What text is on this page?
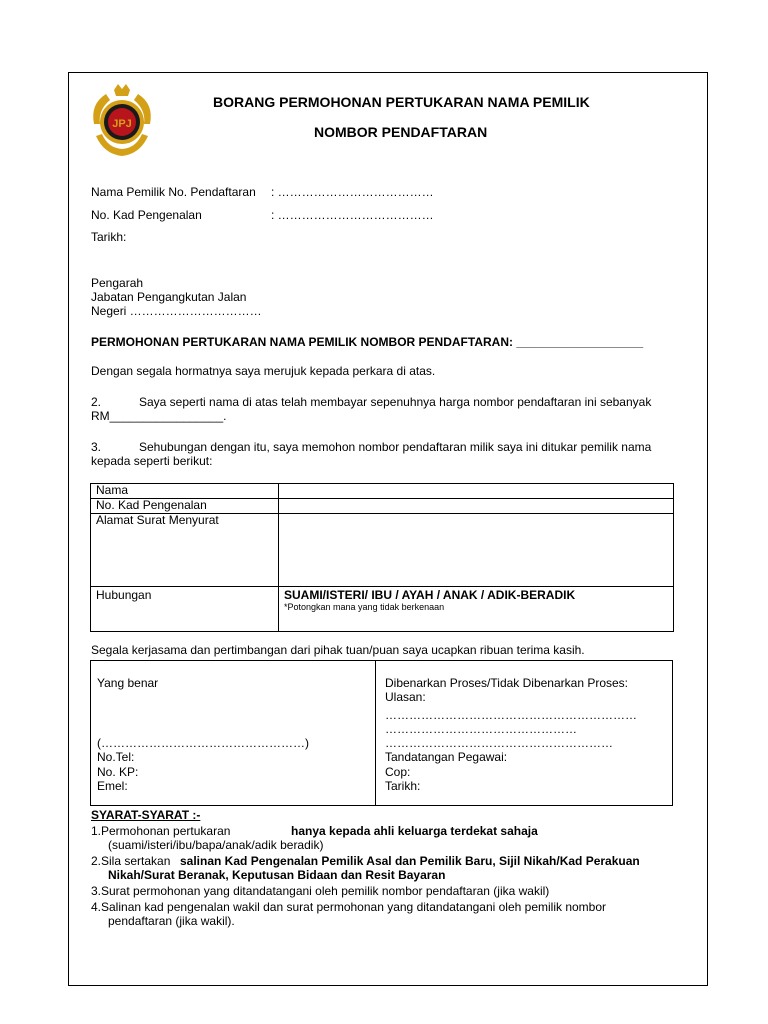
JPJ
BORANG PERMOHONAN PERTUKARAN NAMA PEMILIK
NOMBOR PENDAFTARAN
Nama Pemilik No. Pendaftaran : …………………………………
No. Kad Pengenalan	: …………………………………
Tarikh:
Pengarah
Jabatan Pengangkutan Jalan
Negeri ……………………………
PERMOHONAN PERTUKARAN NAMA PEMILIK NOMBOR PENDAFTARAN: ___________________
Dengan segala hormatnya saya merujuk kepada perkara di atas.
2.	Saya seperti nama di atas telah membayar sepenuhnya harga nombor pendaftaran ini sebanyak
RM_________________.
3.	Sehubungan dengan itu, saya memohon nombor pendaftaran milik saya ini ditukar pemilik nama
kepada seperti berikut:
Nama	
No. Kad Pengenalan	
Alamat Surat Menyurat	
Hubungan	SUAMI/ISTERI/ IBU / AYAH / ANAK / ADIK-BERADIK
*Potongkan mana yang tidak berkenaan
Segala kerjasama dan pertimbangan dari pihak tuan/puan saya ucapkan ribuan terima kasih.
Yang benar
(……………………………………………)
No.Tel:
No. KP:
Emel:
Dibenarkan Proses/Tidak Dibenarkan Proses:
Ulasan:
………………………………………………………
…………………………………………
…………………………………………………
Tandatangan Pegawai:
Cop:
Tarikh:
SYARAT-SYARAT :-
1.Permohonan pertukaran	hanya kepada ahli keluarga terdekat sahaja
(suami/isteri/ibu/bapa/anak/adik beradik)
2.Sila sertakan salinan Kad Pengenalan Pemilik Asal dan Pemilik Baru, Sijil Nikah/Kad Perakuan
Nikah/Surat Beranak, Keputusan Bidaan dan Resit Bayaran
3.Surat permohonan yang ditandatangani oleh pemilik nombor pendaftaran (jika wakil)
4.Salinan kad pengenalan wakil dan surat permohonan yang ditandatangani oleh pemilik nombor
pendaftaran (jika wakil).
